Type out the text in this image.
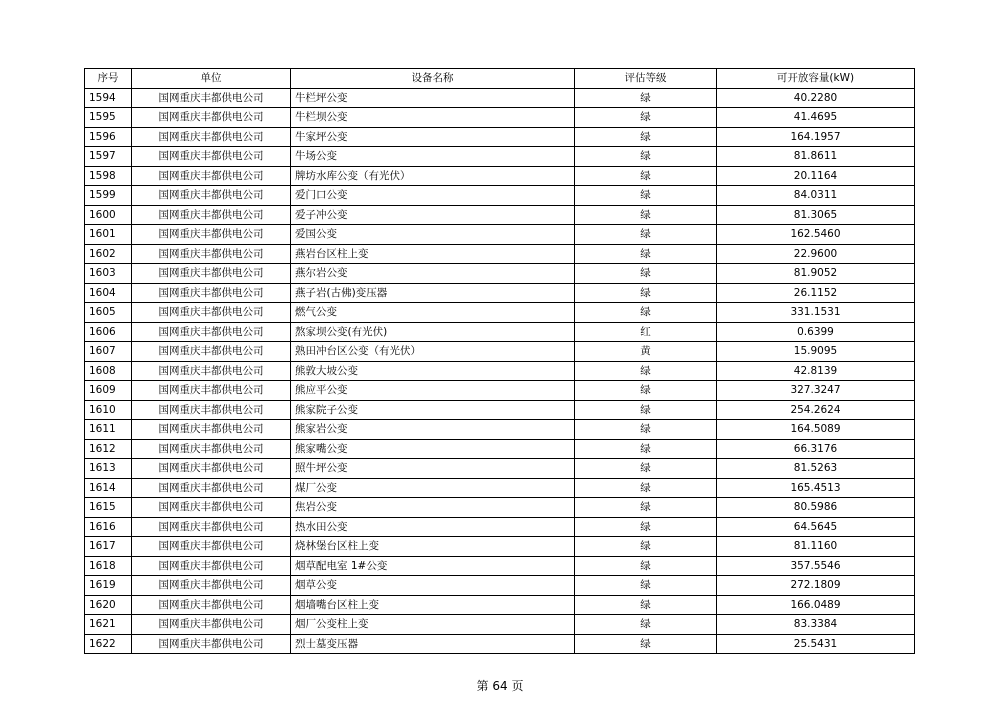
序号	单位	设备名称	评估等级	可开放容量(kW)
1594	国网重庆丰都供电公司	牛栏坪公变	绿	40.2280
1595	国网重庆丰都供电公司	牛栏坝公变	绿	41.4695
1596	国网重庆丰都供电公司	牛家坪公变	绿	164.1957
1597	国网重庆丰都供电公司	牛场公变	绿	81.8611
1598	国网重庆丰都供电公司	牌坊水库公变（有光伏）	绿	20.1164
1599	国网重庆丰都供电公司	爱门口公变	绿	84.0311
1600	国网重庆丰都供电公司	爱子冲公变	绿	81.3065
1601	国网重庆丰都供电公司	爱国公变	绿	162.5460
1602	国网重庆丰都供电公司	燕岩台区柱上变	绿	22.9600
1603	国网重庆丰都供电公司	燕尔岩公变	绿	81.9052
1604	国网重庆丰都供电公司	燕子岩(古佛)变压器	绿	26.1152
1605	国网重庆丰都供电公司	燃气公变	绿	331.1531
1606	国网重庆丰都供电公司	熬家坝公变(有光伏)	红	0.6399
1607	国网重庆丰都供电公司	熟田冲台区公变（有光伏）	黄	15.9095
1608	国网重庆丰都供电公司	熊敦大坡公变	绿	42.8139
1609	国网重庆丰都供电公司	熊应平公变	绿	327.3247
1610	国网重庆丰都供电公司	熊家院子公变	绿	254.2624
1611	国网重庆丰都供电公司	熊家岩公变	绿	164.5089
1612	国网重庆丰都供电公司	熊家嘴公变	绿	66.3176
1613	国网重庆丰都供电公司	照牛坪公变	绿	81.5263
1614	国网重庆丰都供电公司	煤厂公变	绿	165.4513
1615	国网重庆丰都供电公司	焦岩公变	绿	80.5986
1616	国网重庆丰都供电公司	热水田公变	绿	64.5645
1617	国网重庆丰都供电公司	烧林堡台区柱上变	绿	81.1160
1618	国网重庆丰都供电公司	烟草配电室 1#公变	绿	357.5546
1619	国网重庆丰都供电公司	烟草公变	绿	272.1809
1620	国网重庆丰都供电公司	烟墙嘴台区柱上变	绿	166.0489
1621	国网重庆丰都供电公司	烟厂公变柱上变	绿	83.3384
1622	国网重庆丰都供电公司	烈士墓变压器	绿	25.5431
第 64 页
